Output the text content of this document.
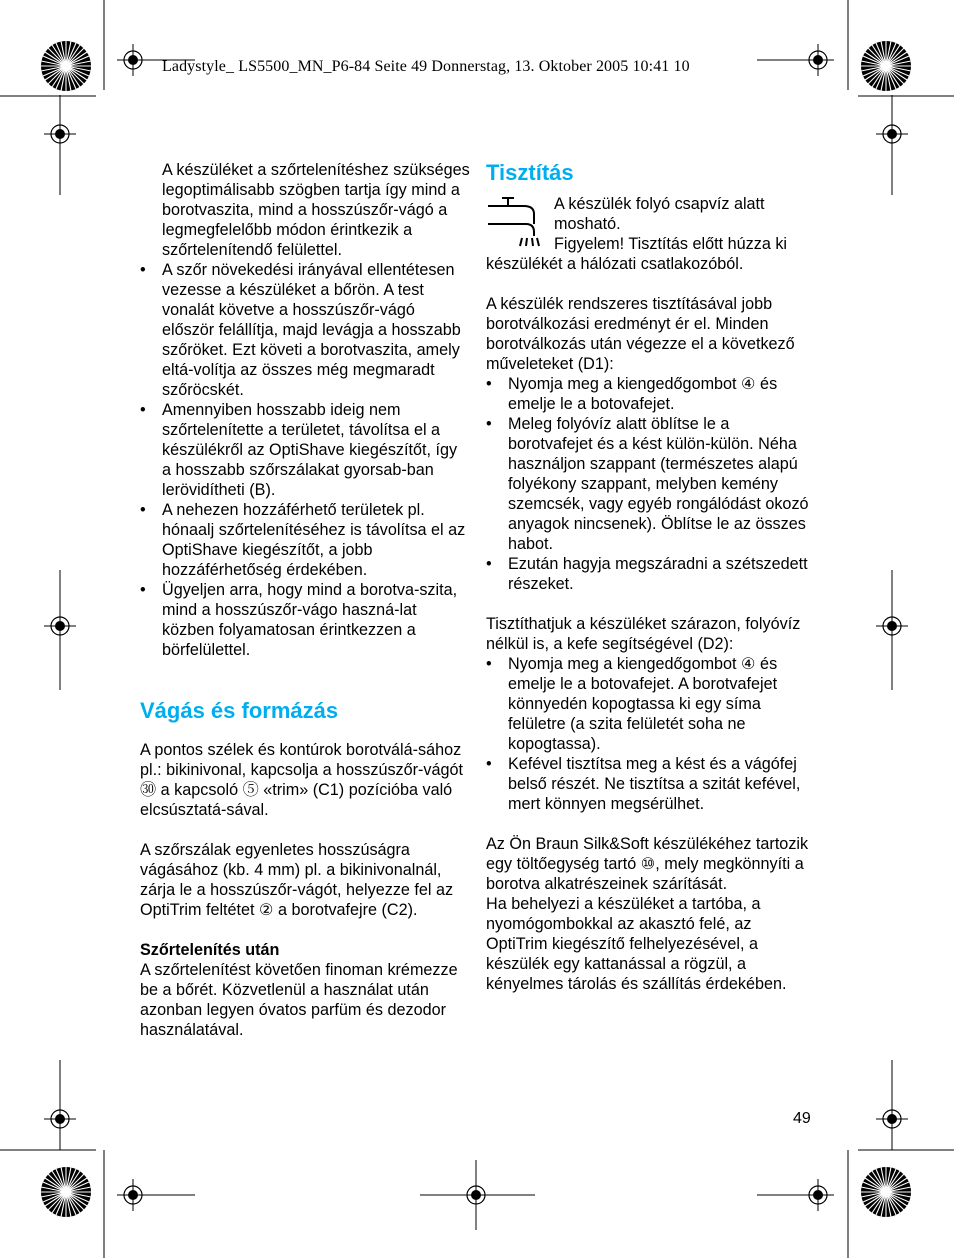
Ladystyle_ LS5500_MN_P6-84 Seite 49 Donnerstag, 13. Oktober 2005 10:41 10

A készüléket a szőrtelenítéshez szükséges legoptimálisabb szögben tartja így mind a borotvaszita, mind a hosszúszőr-vágó a legmegfelelőbb módon érintkezik a szőrtelenítendő felülettel.

• A szőr növekedési irányával ellentétesen vezesse a készüléket a bőrön. A test vonalát követve a hosszúszőr-vágó először felállítja, majd levágja a hosszabb szőröket. Ezt követi a borotvaszita, amely eltá-volítja az összes még megmaradt szőröcskét.
• Amennyiben hosszabb ideig nem szőrtelenítette a területet, távolítsa el a készülékről az OptiShave kiegészítőt, így a hosszabb szőrszálakat gyorsab-ban lerövidítheti (B).
• A nehezen hozzáférhető területek pl. hónaalj szőrtelenítéséhez is távolítsa el az OptiShave kiegészítőt, a jobb hozzáférhetőség érdekében.
• Ügyeljen arra, hogy mind a borotva-szita, mind a hosszúszőr-vágo haszná-lat közben folyamatosan érintkezzen a börfelülettel.
Vágás és formázás

A pontos szélek és kontúrok borotválá-sához pl.: bikinivonal, kapcsolja a hosszúszőr-vágót ㉚ a kapcsoló ⑤ «trim» (C1) pozícióba való elcsúsztatá-sával.

A szőrszálak egyenletes hosszúságra vágásához (kb. 4 mm) pl. a bikinivonalnál, zárja le a hosszúszőr-vágót, helyezze fel az OptiTrim feltétet ② a borotvafejre (C2).

Szőrtelenítés után

A szőrtelenítést követően finoman krémezze be a bőrét. Közvetlenül a használat után azonban legyen óvatos parfüm és dezodor használatával.

Tisztítás

A készülék folyó csapvíz alatt mosható.

Figyelem! Tisztítás előtt húzza ki készülékét a hálózati csatlakozóból.

A készülék rendszeres tisztításával jobb borotválkozási eredményt ér el. Minden borotválkozás után végezze el a következő műveleteket (D1):

• Nyomja meg a kiengedőgombot ④ és emelje le a botovafejet.
• Meleg folyóvíz alatt öblítse le a borotvafejet és a kést külön-külön. Néha használjon szappant (természetes alapú folyékony szappant, melyben kemény szemcsék, vagy egyéb rongálódást okozó anyagok nincsenek). Öblítse le az összes habot.
• Ezután hagyja megszáradni a szétszedett részeket.

Tisztíthatjuk a készüléket szárazon, folyóvíz nélkül is, a kefe segítségével (D2):

• Nyomja meg a kiengedőgombot ④ és emelje le a botovafejet. A borotvafejet könnyedén kopogtassa ki egy síma felületre (a szita felületét soha ne kopogtassa).
• Kefével tisztítsa meg a kést és a vágófej belső részét. Ne tisztítsa a szitát kefével, mert könnyen megsérülhet.

Az Ön Braun Silk&Soft készülékéhez tartozik egy töltőegység tartó ⑩, mely megkönnyíti a borotva alkatrészeinek szárítását.

Ha behelyezi a készüléket a tartóba, a nyomógombokkal az akasztó felé, az OptiTrim kiegészítő felhelyezésével, a készülék egy kattanással a rögzül, a kényelmes tárolás és szállítás érdekében.

49
